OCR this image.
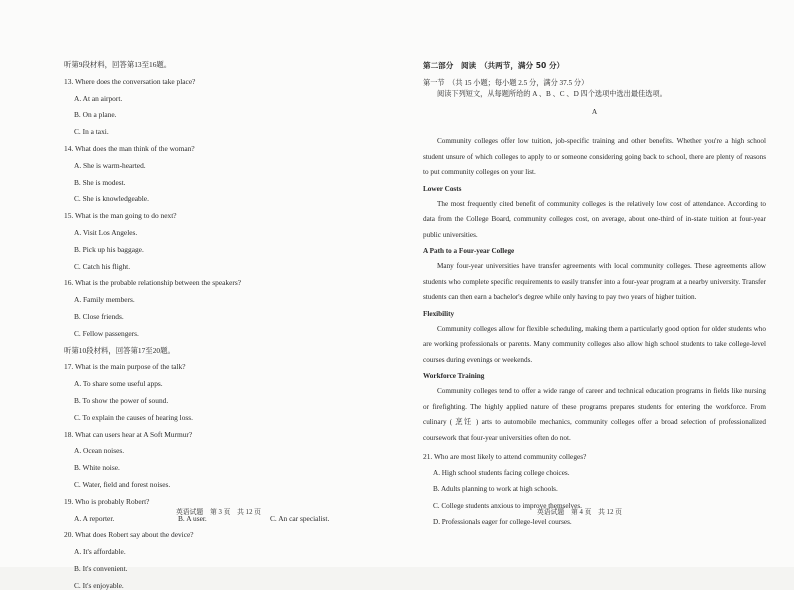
听第9段材料，回答第13至16题。
13. Where does the conversation take place?
A. At an airport.
B. On a plane.
C. In a taxi.
14. What does the man think of the woman?
A. She is warm-hearted.
B. She is modest.
C. She is knowledgeable.
15. What is the man going to do next?
A. Visit Los Angeles.
B. Pick up his baggage.
C. Catch his flight.
16. What is the probable relationship between the speakers?
A. Family members.
B. Close friends.
C. Fellow passengers.
听第10段材料，回答第17至20题。
17. What is the main purpose of the talk?
A. To share some useful apps.
B. To show the power of sound.
C. To explain the causes of hearing loss.
18. What can users hear at A Soft Murmur?
A. Ocean noises.
B. White noise.
C. Water, field and forest noises.
19. Who is probably Robert?
A. A reporter.	B. A user.	C. An car specialist.
20. What does Robert say about the device?
A. It's affordable.
B. It's convenient.
C. It's enjoyable.
英语试题　第 3 页　共 12 页
第二部分　阅读　（共两节，满分 50 分）
第一节　（共 15 小题；每小题 2.5 分，满分 37.5 分）
阅读下列短文，从每题所给的 A 、B 、C 、D 四个选项中选出最佳选项。
A
Community colleges offer low tuition, job-specific training and other benefits. Whether you're a high school student unsure of which colleges to apply to or someone considering going back to school, there are plenty of reasons to put community colleges on your list.
Lower Costs
The most frequently cited benefit of community colleges is the relatively low cost of attendance. According to data from the College Board, community colleges cost, on average, about one-third of in-state tuition at four-year public universities.
A Path to a Four-year College
Many four-year universities have transfer agreements with local community colleges. These agreements allow students who complete specific requirements to easily transfer into a four-year program at a nearby university. Transfer students can then earn a bachelor's degree while only having to pay two years of higher tuition.
Flexibility
Community colleges allow for flexible scheduling, making them a particularly good option for older students who are working professionals or parents. Many community colleges also allow high school students to take college-level courses during evenings or weekends.
Workforce Training
Community colleges tend to offer a wide range of career and technical education programs in fields like nursing or firefighting. The highly applied nature of these programs prepares students for entering the workforce. From culinary ( 烹饪 ) arts to automobile mechanics, community colleges offer a broad selection of professionalized coursework that four-year universities often do not.
21. Who are most likely to attend community colleges?
A. High school students facing college choices.
B. Adults planning to work at high schools.
C. College students anxious to improve themselves.
D. Professionals eager for college-level courses.
英语试题　第 4 页　共 12 页
